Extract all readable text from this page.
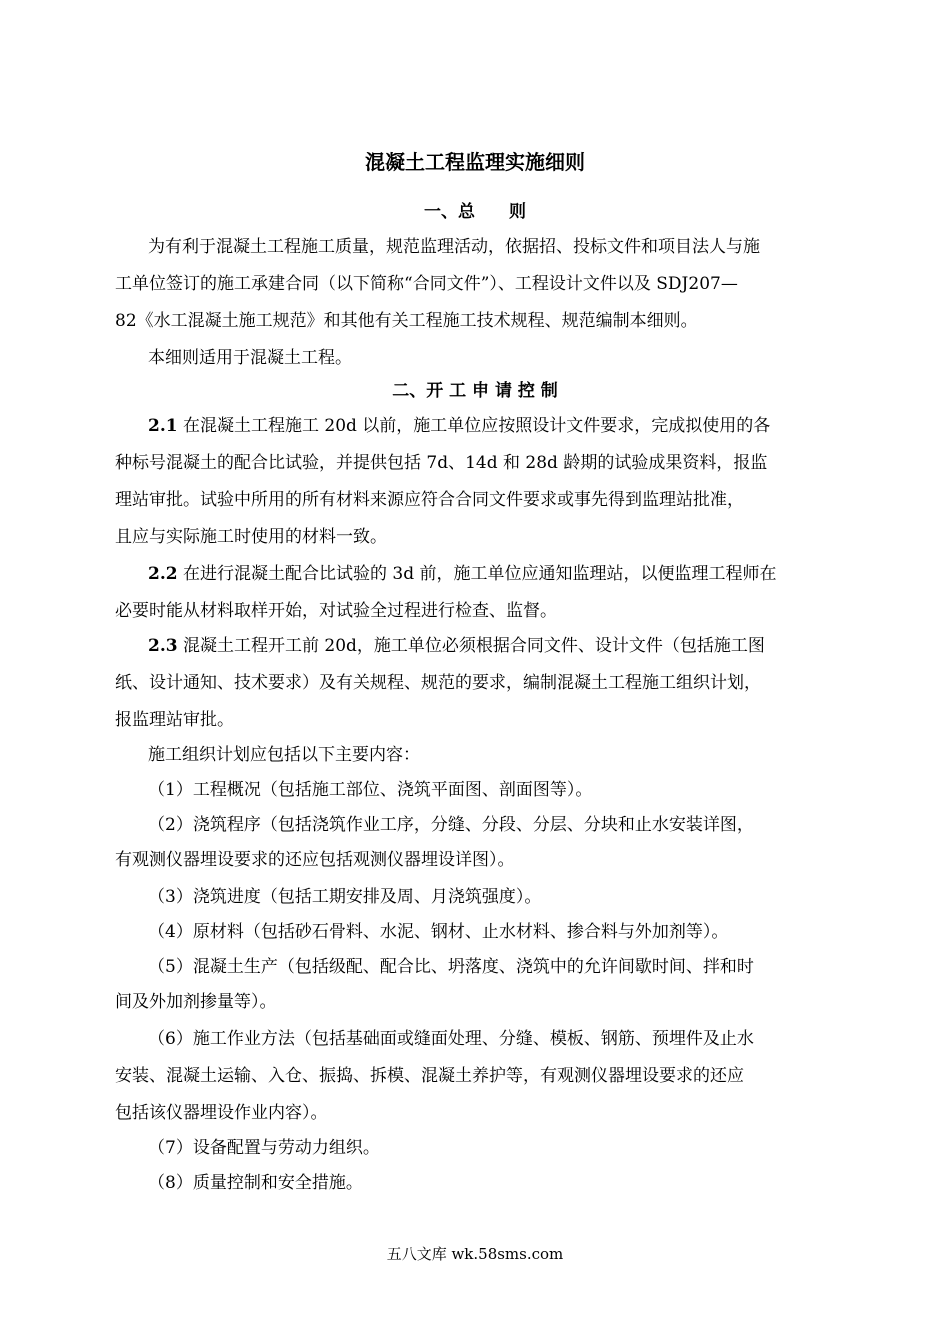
混凝土工程监理实施细则
一、总　　则
为有利于混凝土工程施工质量，规范监理活动，依据招、投标文件和项目法人与施
工单位签订的施工承建合同（以下简称“合同文件”）、工程设计文件以及 SDJ207—
82《水工混凝土施工规范》和其他有关工程施工技术规程、规范编制本细则。
本细则适用于混凝土工程。
二、开 工 申 请 控 制
2.1 在混凝土工程施工 20d 以前，施工单位应按照设计文件要求，完成拟使用的各
种标号混凝土的配合比试验，并提供包括 7d、14d 和 28d 龄期的试验成果资料，报监
理站审批。试验中所用的所有材料来源应符合合同文件要求或事先得到监理站批准，
且应与实际施工时使用的材料一致。
2.2 在进行混凝土配合比试验的 3d 前，施工单位应通知监理站，以便监理工程师在
必要时能从材料取样开始，对试验全过程进行检查、监督。
2.3 混凝土工程开工前 20d，施工单位必须根据合同文件、设计文件（包括施工图
纸、设计通知、技术要求）及有关规程、规范的要求，编制混凝土工程施工组织计划，
报监理站审批。
施工组织计划应包括以下主要内容：
（1）工程概况（包括施工部位、浇筑平面图、剖面图等）。
（2）浇筑程序（包括浇筑作业工序，分缝、分段、分层、分块和止水安装详图，
有观测仪器埋设要求的还应包括观测仪器埋设详图）。
（3）浇筑进度（包括工期安排及周、月浇筑强度）。
（4）原材料（包括砂石骨料、水泥、钢材、止水材料、掺合料与外加剂等）。
（5）混凝土生产（包括级配、配合比、坍落度、浇筑中的允许间歇时间、拌和时
间及外加剂掺量等）。
（6）施工作业方法（包括基础面或缝面处理、分缝、模板、钢筋、预埋件及止水
安装、混凝土运输、入仓、振捣、拆模、混凝土养护等，有观测仪器埋设要求的还应
包括该仪器埋设作业内容）。
（7）设备配置与劳动力组织。
（8）质量控制和安全措施。
五八文库 wk.58sms.com
